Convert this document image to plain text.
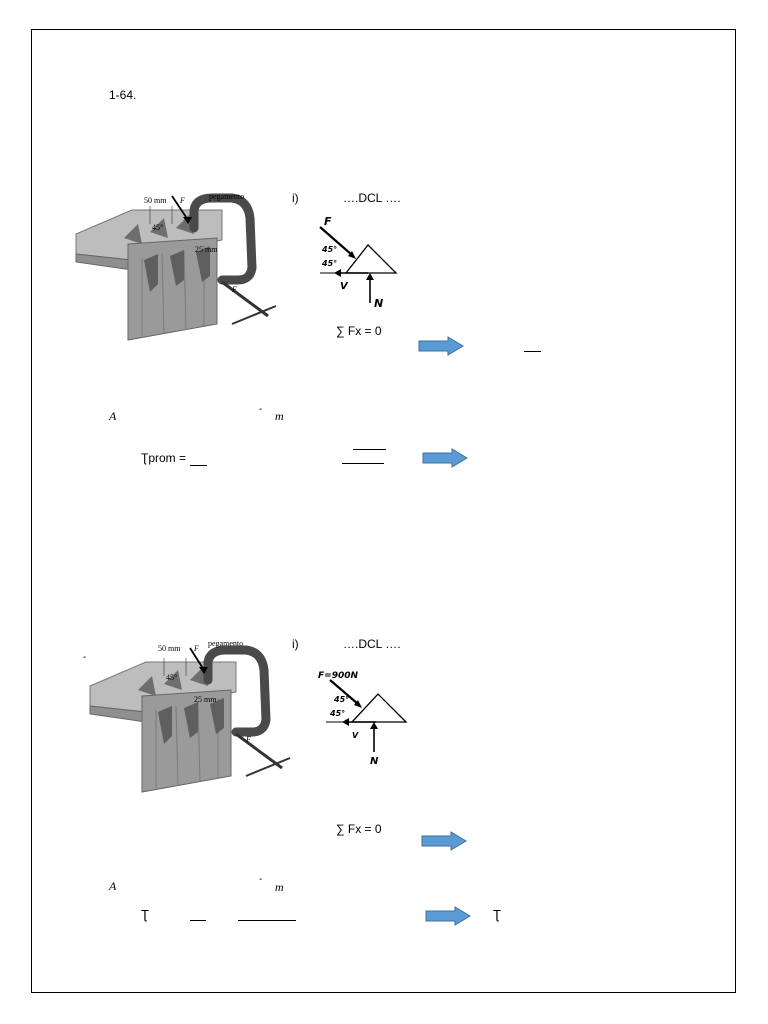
1-64.
50 mm	pegamento
F
45°
25 mm
F
i)	….DCL ….
F
45°
45°
V
N
∑ Fx = 0
A	- m
Ʈprom =
-
50 mm
pegamento
F
45°
25 mm
F
i)	….DCL ….
F=900N
45°
45°
V
N
∑ Fx = 0
A	-
m
Ʈ	Ʈ
